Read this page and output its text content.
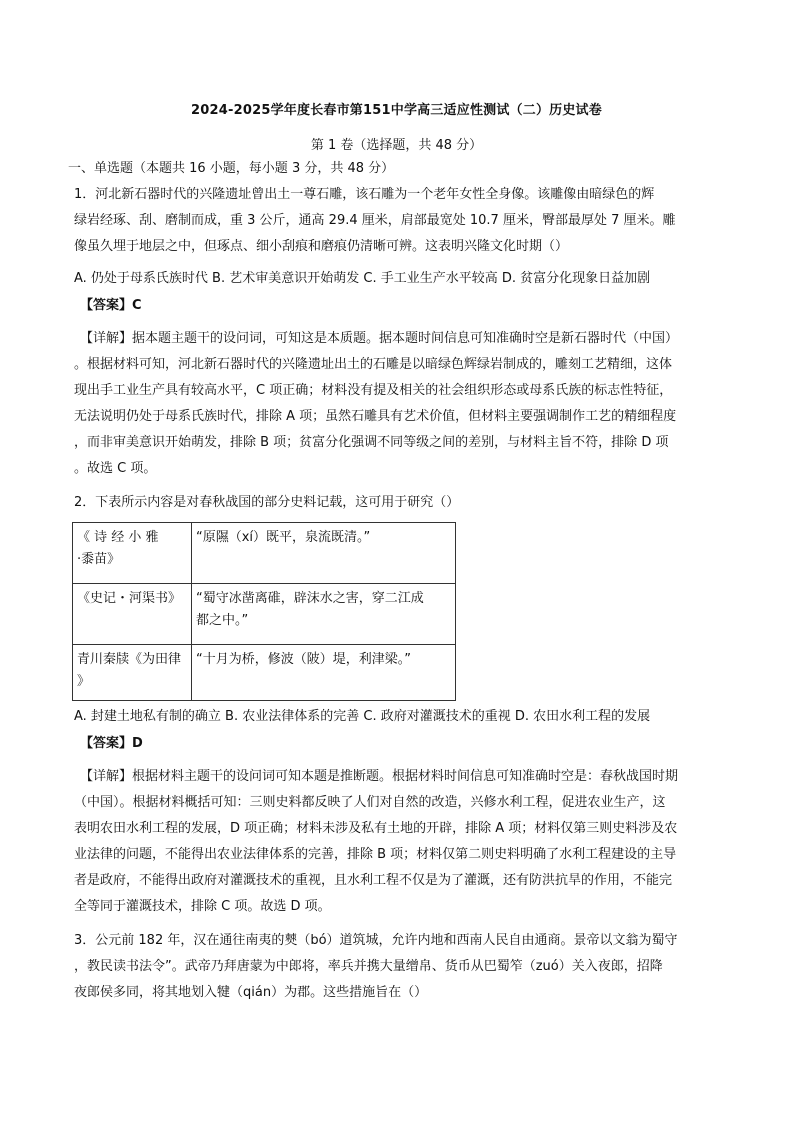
2024-2025学年度长春市第151中学高三适应性测试（二）历史试卷
第 1 卷（选择题，共 48 分）
一、单选题（本题共 16 小题，每小题 3 分，共 48 分）
1．河北新石器时代的兴隆遗址曾出土一尊石雕，该石雕为一个老年女性全身像。该雕像由暗绿色的辉
绿岩经琢、刮、磨制而成，重 3 公斤，通高 29.4 厘米，肩部最宽处 10.7 厘米，臀部最厚处 7 厘米。雕
像虽久埋于地层之中，但琢点、细小刮痕和磨痕仍清晰可辨。这表明兴隆文化时期（）
A. 仍处于母系氏族时代 B. 艺术审美意识开始萌发 C. 手工业生产水平较高 D. 贫富分化现象日益加剧
【答案】C
【详解】据本题主题干的设问词，可知这是本质题。据本题时间信息可知准确时空是新石器时代（中国）
。根据材料可知，河北新石器时代的兴隆遗址出土的石雕是以暗绿色辉绿岩制成的，雕刻工艺精细，这体
现出手工业生产具有较高水平，C 项正确；材料没有提及相关的社会组织形态或母系氏族的标志性特征，
无法说明仍处于母系氏族时代，排除 A 项；虽然石雕具有艺术价值，但材料主要强调制作工艺的精细程度
，而非审美意识开始萌发，排除 B 项；贫富分化强调不同等级之间的差别，与材料主旨不符，排除 D 项
。故选 C 项。
2．下表所示内容是对春秋战国的部分史料记载，这可用于研究（）
《 诗 经 小 雅
·黍苗》	“原隰（xí）既平，泉流既清。”

《史记・河渠书》	“蜀守冰凿离碓，辟沫水之害，穿二江成
都之中。”

青川秦牍《为田律
》	“十月为桥，修波（陂）堤，利津梁。”
A. 封建土地私有制的确立 B. 农业法律体系的完善 C. 政府对灌溉技术的重视 D. 农田水利工程的发展
【答案】D
【详解】根据材料主题干的设问词可知本题是推断题。根据材料时间信息可知准确时空是：春秋战国时期
（中国）。根据材料概括可知：三则史料都反映了人们对自然的改造，兴修水利工程，促进农业生产，这
表明农田水利工程的发展，D 项正确；材料未涉及私有土地的开辟，排除 A 项；材料仅第三则史料涉及农
业法律的问题，不能得出农业法律体系的完善，排除 B 项；材料仅第二则史料明确了水利工程建设的主导
者是政府，不能得出政府对灌溉技术的重视，且水利工程不仅是为了灌溉，还有防洪抗旱的作用，不能完
全等同于灌溉技术，排除 C 项。故选 D 项。
3．公元前 182 年，汉在通往南夷的僰（bó）道筑城，允许内地和西南人民自由通商。景帝以文翁为蜀守
，教民读书法令”。武帝乃拜唐蒙为中郎将，率兵并携大量缯帛、货币从巴蜀笮（zuó）关入夜郎，招降
夜郎侯多同，将其地划入犍（qián）为郡。这些措施旨在（）
